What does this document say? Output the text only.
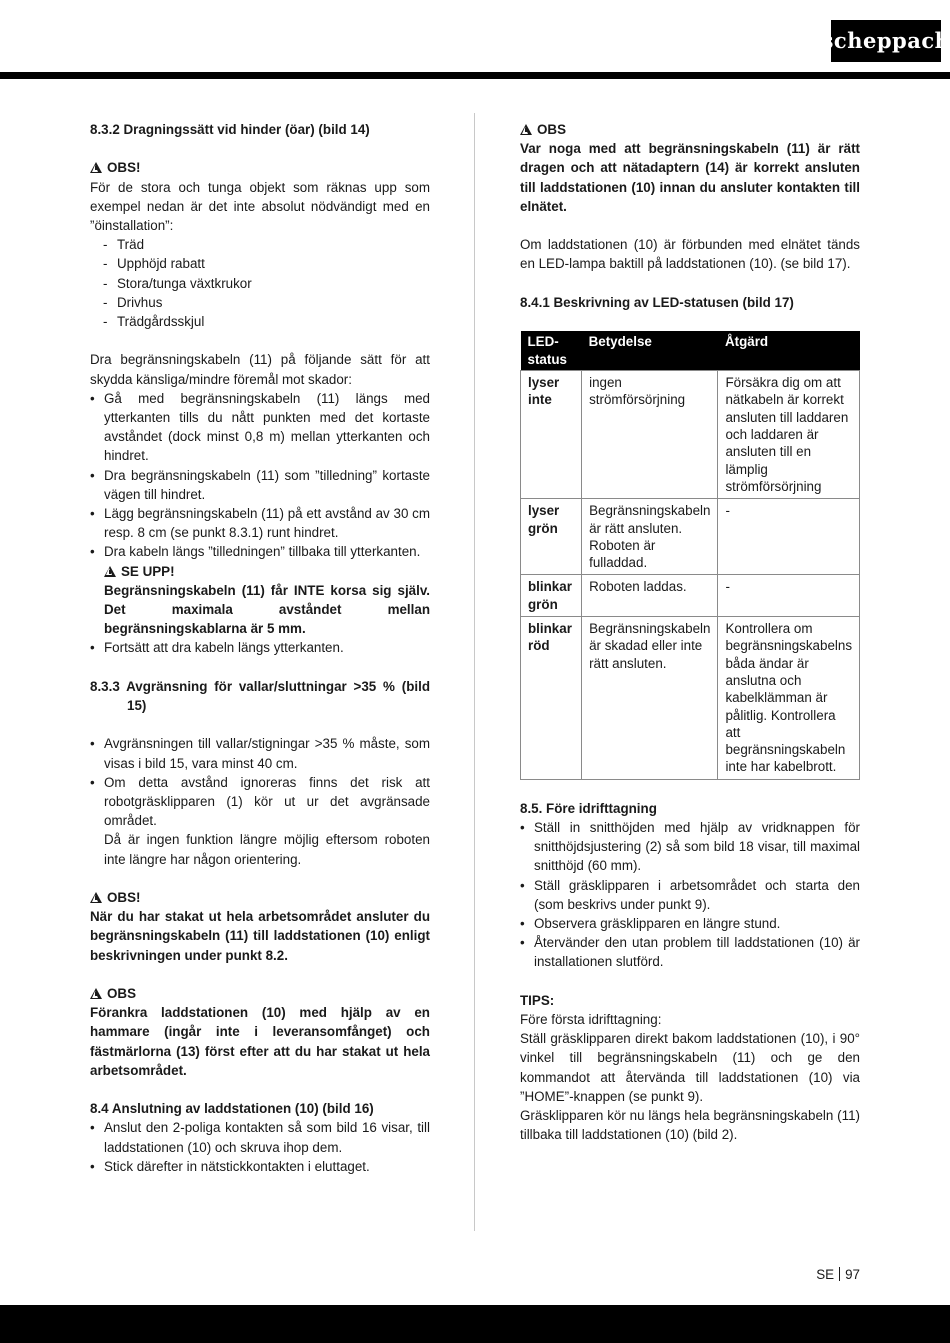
scheppach

8.3.2 Dragningssätt vid hinder (öar) (bild 14)

OBS!

För de stora och tunga objekt som räknas upp som exempel nedan är det inte absolut nödvändigt med en ”öinstallation”:

- Träd
- Upphöjd rabatt
- Stora/tunga växtkrukor
- Drivhus
- Trädgårdsskjul

Dra begränsningskabeln (11) på följande sätt för att skydda känsliga/mindre föremål mot skador:

• Gå med begränsningskabeln (11) längs med ytterkanten tills du nått punkten med det kortaste avståndet (dock minst 0,8 m) mellan ytterkanten och hindret.
• Dra begränsningskabeln (11) som ”tilledning” kortaste vägen till hindret.
• Lägg begränsningskabeln (11) på ett avstånd av 30 cm resp. 8 cm (se punkt 8.3.1) runt hindret.
• Dra kabeln längs ”tilledningen” tillbaka till ytterkanten.

SE UPP!

Begränsningskabeln (11) får INTE korsa sig själv. Det maximala avståndet mellan begränsningskablarna är 5 mm.

• Fortsätt att dra kabeln längs ytterkanten.

8.3.3 Avgränsning för vallar/sluttningar >35 % (bild 15)

• Avgränsningen till vallar/stigningar >35 % måste, som visas i bild 15, vara minst 40 cm.
• Om detta avstånd ignoreras finns det risk att robotgräsklipparen (1) kör ut ur det avgränsade området.

Då är ingen funktion längre möjlig eftersom roboten inte längre har någon orientering.

OBS!

När du har stakat ut hela arbetsområdet ansluter du begränsningskabeln (11) till laddstationen (10) enligt beskrivningen under punkt 8.2.

OBS

Förankra laddstationen (10) med hjälp av en hammare (ingår inte i leveransomfånget) och fästmärlorna (13) först efter att du har stakat ut hela arbetsområdet.

8.4 Anslutning av laddstationen (10) (bild 16)

• Anslut den 2-poliga kontakten så som bild 16 visar, till laddstationen (10) och skruva ihop dem.
• Stick därefter in nätstickkontakten i eluttaget.

OBS

Var noga med att begränsningskabeln (11) är rätt dragen och att nätadaptern (14) är korrekt ansluten till laddstationen (10) innan du ansluter kontakten till elnätet.

Om laddstationen (10) är förbunden med elnätet tänds en LED-lampa baktill på laddstationen (10). (se bild 17).

8.4.1 Beskrivning av LED-statusen (bild 17)

LED-status	Betydelse	Åtgärd
lyser inte	ingen strömförsörjning	Försäkra dig om att nätkabeln är korrekt ansluten till laddaren och laddaren är ansluten till en lämplig strömförsörjning
lyser grön	Begränsningskabeln är rätt ansluten. Roboten är fulladdad.	-
blinkar grön	Roboten laddas.	-
blinkar röd	Begränsningskabeln är skadad eller inte rätt ansluten.	Kontrollera om begränsningskabelns båda ändar är anslutna och kabelklämman är pålitlig. Kontrollera att begränsningskabeln inte har kabelbrott.

8.5. Före idrifttagning

• Ställ in snitthöjden med hjälp av vridknappen för snitthöjdsjustering (2) så som bild 18 visar, till maximal snitthöjd (60 mm).
• Ställ gräsklipparen i arbetsområdet och starta den (som beskrivs under punkt 9).
• Observera gräsklipparen en längre stund.
• Återvänder den utan problem till laddstationen (10) är installationen slutförd.

TIPS:

Före första idrifttagning:

Ställ gräsklipparen direkt bakom laddstationen (10), i 90° vinkel till begränsningskabeln (11) och ge den kommandot att återvända till laddstationen (10) via ”HOME”-knappen (se punkt 9).

Gräsklipparen kör nu längs hela begränsningskabeln (11) tillbaka till laddstationen (10) (bild 2).

SE 97
